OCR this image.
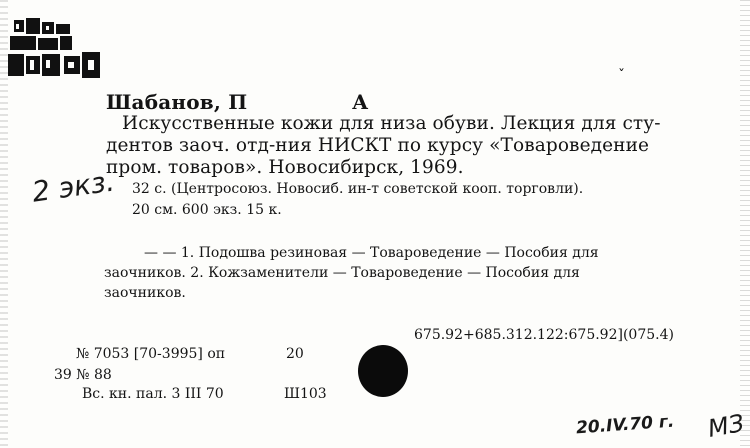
ˇ

Шабанов, П	А

Искусственные кожи для низа обуви. Лекция для сту-

дентов заоч. отд-ния НИСКТ по курсу «Товароведение

пром. товаров». Новосибирск, 1969.

32 с. (Центросоюз. Новосиб. ин-т советской кооп. торговли).

20 см. 600 экз. 15 к.

— — 1. Подошва резиновая — Товароведение — Пособия для

заочников. 2. Кожзаменители — Товароведение — Пособия для

заочников.

675.92+685.312.122:675.92](075.4)

№ 7053 [70-3995] оп	20

39 № 88

Вс. кн. пал. 3 III 70	Ш103

2 экз.
20.IV.70 г. МЗ
